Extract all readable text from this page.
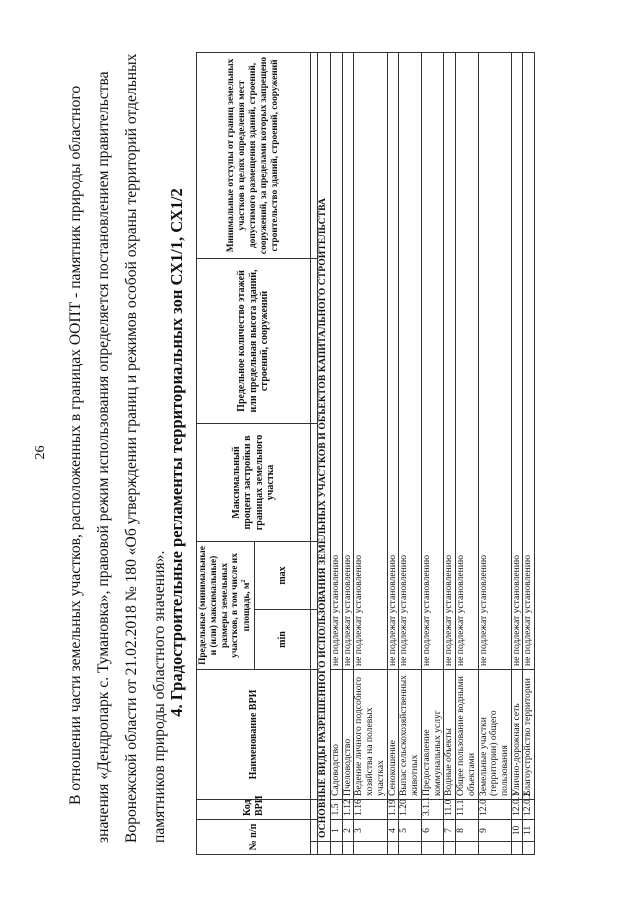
26	В отношении части земельных участков, расположенных в границах ООПТ - памятник природы областного значения «Дендропарк с. Тумановка», правовой режим использования определяется постановлением правительства Воронежской области от 21.02.2018 № 180 «Об утверждении границ и режимов особой охраны территорий отдельных памятников природы областного значения». 4. Градостроительные регламенты территориальных зон СХ1/1, СХ1/2
№ п/п		Код ВРИ	Наименование ВРИ	Предельные (минимальные и (или) максимальные) размеры земельных участков, в том числе их площадь, $м^2$		Максимальный процент застройки в границах земельного участка	Предельное количество этажей или предельная высота зданий, строений, сооружений	Минимальные отступы от границ земельных участков в целях определения мест допустимого размещения зданий, строений, сооружений, за пределами которых запрещено строительство зданий, строений, сооружений
				min	max			

	ОСНОВНЫЕ ВИДЫ РАЗРЕШЕННОГО ИСПОЛЬЗОВАНИЯ ЗЕМЕЛЬНЫХ УЧАСТКОВ И ОБЪЕКТОВ КАПИТАЛЬНОГО СТРОИТЕЛЬСТВА							
	1	1.5	Садоводство	не подлежат установлению				
	2	1.12	Пчеловодство	не подлежат установлению				
	3	1.16	Ведение личного подсобного хозяйства на полевых участках	не подлежат установлению				
	4	1.19	Сенокошение	не подлежат установлению				
	5	1.20	Выпас сельскохозяйственных животных	не подлежат установлению				
	6	3.1.1	Предоставление коммунальных услуг	не подлежат установлению				
	7	11.0	Водные объекты	не подлежат установлению				
	8	11.1	Общее пользование водными объектами	не подлежат установлению				
	9	12.0	Земельные участки (территории) общего пользования	не подлежат установлению				
	10	12.0.1	Улично-дорожная сеть	не подлежат установлению				
	11	12.0.2	Благоустройство территории	не подлежат установлению				
